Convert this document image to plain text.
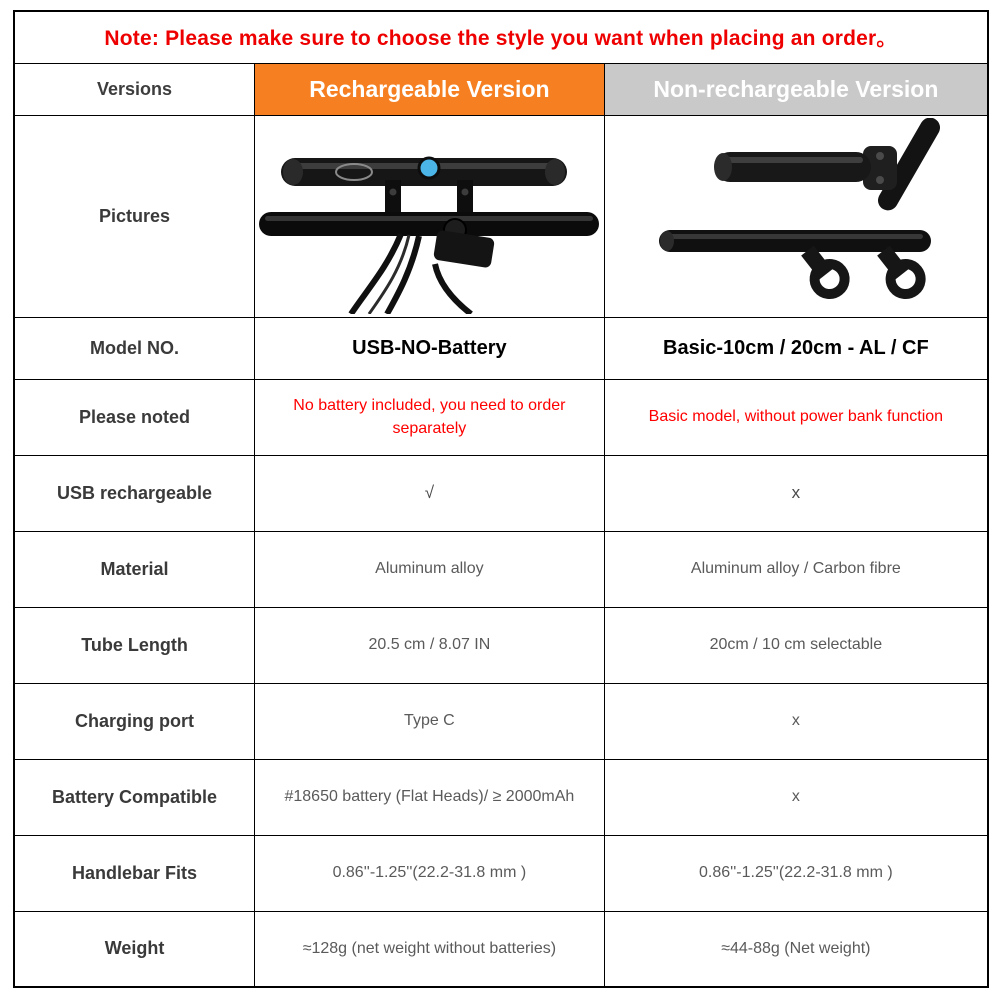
Note: Please make sure to choose the style you want when placing an order。		
Versions	Rechargeable Version	Non-rechargeable Version
Pictures	

Model NO.	USB-NO-Battery	Basic-10cm / 20cm - AL / CF
Please noted	No battery included, you need to order separately	Basic model, without power bank function
USB rechargeable	√	x
Material	Aluminum alloy	Aluminum alloy / Carbon fibre
Tube Length	20.5 cm / 8.07 IN	20cm / 10 cm selectable
Charging port	Type C	x
Battery Compatible	#18650 battery (Flat Heads)/ ≥ 2000mAh	x
Handlebar Fits	0.86''-1.25''(22.2-31.8 mm )	0.86''-1.25''(22.2-31.8 mm )
Weight	≈128g (net weight without batteries)	≈44-88g (Net weight)
